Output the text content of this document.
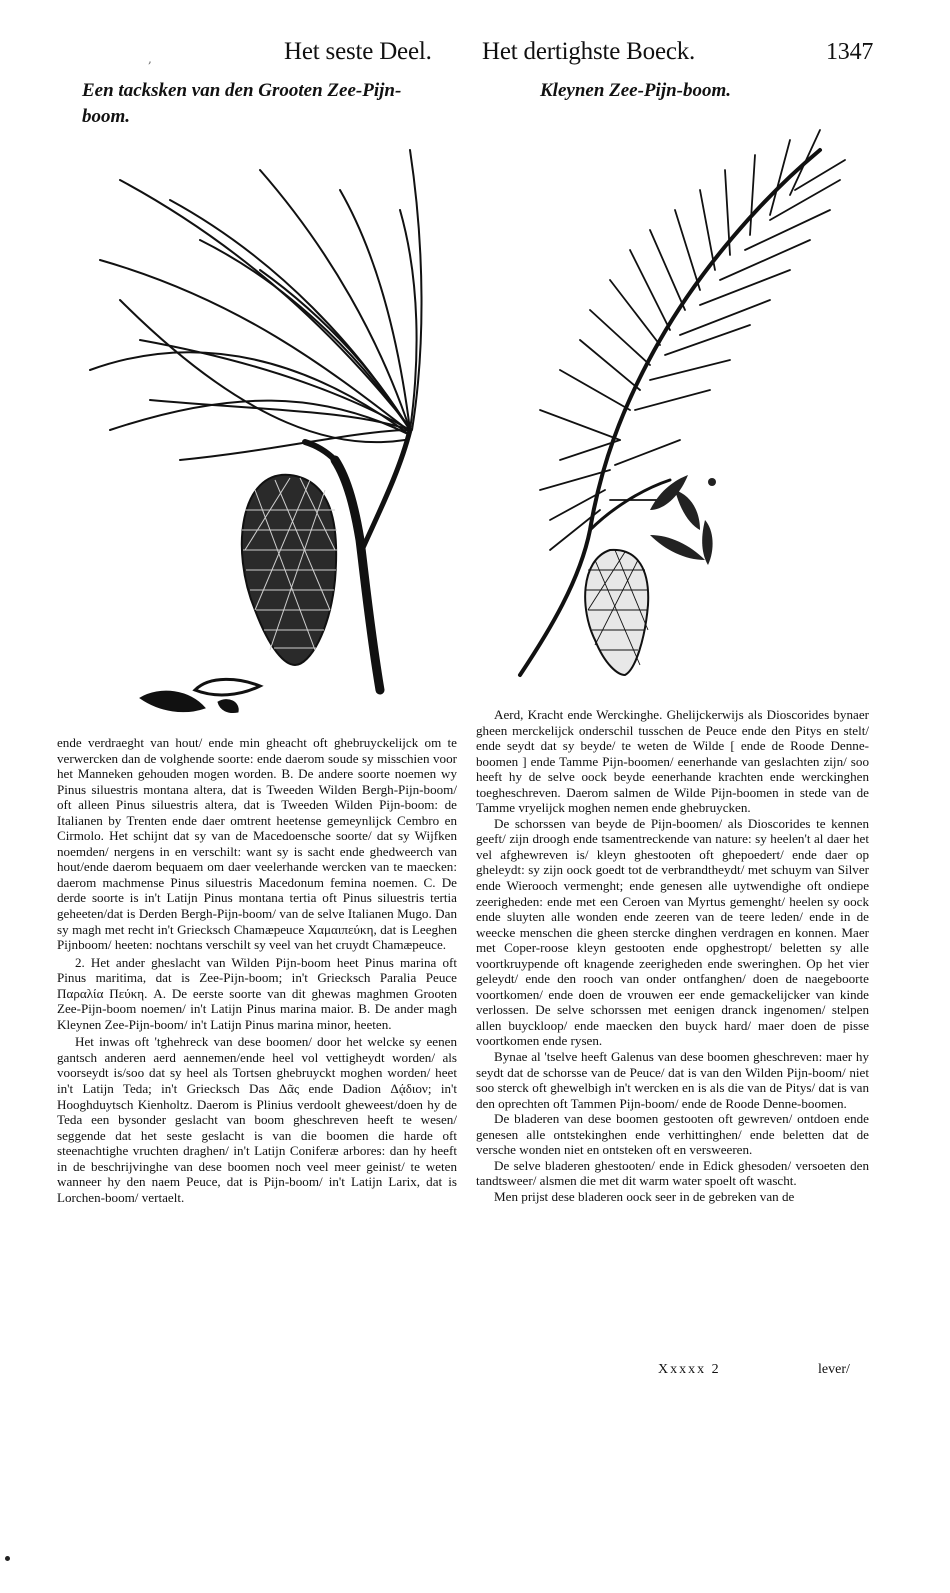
,	Het seste Deel. Het dertighste Boeck.	1347
Een tacksken van den Grooten Zee-Pijn-boom.
Kleynen Zee-Pijn-boom.

ende verdraeght van hout/ ende min gheacht oft ghebruyckelijck om te verwercken dan de volghende soorte: ende daerom soude sy misschien voor het Manneken gehouden mogen worden. B. De andere soorte noemen wy Pinus siluestris montana altera, dat is Tweeden Wilden Bergh-Pijn-boom/ oft alleen Pinus siluestris altera, dat is Tweeden Wilden Pijn-boom: de Italianen by Trenten ende daer omtrent heetense gemeynlijck Cembro en Cirmolo. Het schijnt dat sy van de Macedoensche soorte/ dat sy Wijfken noemden/ nergens in en verschilt: want sy is sacht ende ghedweerch van hout/ende daerom bequaem om daer veelerhande wercken van te maecken: daerom machmense Pinus siluestris Macedonum femina noemen. C. De derde soorte is in't Latijn Pinus montana tertia oft Pinus siluestris tertia geheeten/dat is Derden Bergh-Pijn-boom/ van de selve Italianen Mugo. Dan sy magh met recht in't Griecksch Chamæpeuce Χαμαιπεύκη, dat is Leeghen Pijnboom/ heeten: nochtans verschilt sy veel van het cruydt Chamæpeuce.

2. Het ander gheslacht van Wilden Pijn-boom heet Pinus marina oft Pinus maritima, dat is Zee-Pijn-boom; in't Griecksch Paralia Peuce Παραλία Πεύκη. A. De eerste soorte van dit ghewas maghmen Grooten Zee-Pijn-boom noemen/ in't Latijn Pinus marina maior. B. De ander magh Kleynen Zee-Pijn-boom/ in't Latijn Pinus marina minor, heeten.

Het inwas oft 'tghehreck van dese boomen/ door het welcke sy eenen gantsch anderen aerd aennemen/ende heel vol vettigheydt worden/ als voorseydt is/soo dat sy heel als Tortsen ghebruyckt moghen worden/ heet in't Latijn Teda; in't Griecksch Das Δᾶς ende Dadion Δᾴδιον; in't Hooghduytsch Kienholtz. Daerom is Plinius verdoolt gheweest/doen hy de Teda een bysonder geslacht van boom gheschreven heeft te wesen/ seggende dat het seste geslacht is van die boomen die harde oft steenachtighe vruchten draghen/ in't Latijn Coniferæ arbores: dan hy heeft in de beschrijvinghe van dese boomen noch veel meer geinist/ te weten wanneer hy den naem Peuce, dat is Pijn-boom/ in't Latijn Larix, dat is Lorchen-boom/ vertaelt.

Aerd, Kracht ende Werckinghe. Ghelijckerwijs als Dioscorides bynaer gheen merckelijck onderschil tusschen de Peuce ende den Pitys en stelt/ ende seydt dat sy beyde/ te weten de Wilde [ ende de Roode Denne-boomen ] ende Tamme Pijn-boomen/ eenerhande van geslachten zijn/ soo heeft hy de selve oock beyde eenerhande krachten ende werckinghen toegheschreven. Daerom salmen de Wilde Pijn-boomen in stede van de Tamme vryelijck moghen nemen ende ghebruycken.

De schorssen van beyde de Pijn-boomen/ als Dioscorides te kennen geeft/ zijn droogh ende tsamentreckende van nature: sy heelen't al daer het vel afghewreven is/ kleyn ghestooten oft ghepoedert/ ende daer op gheleydt: sy zijn oock goedt tot de verbrandtheydt/ met schuym van Silver ende Wierooch vermenght; ende genesen alle uytwendighe oft ondiepe zeerigheden: ende met een Ceroen van Myrtus gemenght/ heelen sy oock ende sluyten alle wonden ende zeeren van de teere leden/ ende in de weecke menschen die gheen stercke dinghen verdragen en konnen. Maer met Coper-roose kleyn gestooten ende opghestropt/ beletten sy alle voortkruypende oft knagende zeerigheden ende sweringhen. Op het vier geleydt/ ende den rooch van onder ontfanghen/ doen de naegeboorte voortkomen/ ende doen de vrouwen eer ende gemackelijcker van kinde verlossen. De selve schorssen met eenigen dranck ingenomen/ stelpen allen buyckloop/ ende maecken den buyck hard/ maer doen de pisse voortkomen ende rysen.

Bynae al 'tselve heeft Galenus van dese boomen gheschreven: maer hy seydt dat de schorsse van de Peuce/ dat is van den Wilden Pijn-boom/ niet soo sterck oft ghewelbigh in't wercken en is als die van de Pitys/ dat is van den oprechten oft Tammen Pijn-boom/ ende de Roode Denne-boomen.

De bladeren van dese boomen gestooten oft gewreven/ ontdoen ende genesen alle ontstekinghen ende verhittinghen/ ende beletten dat de versche wonden niet en ontsteken oft en versweeren.

De selve bladeren ghestooten/ ende in Edick ghesoden/ versoeten den tandtsweer/ alsmen die met dit warm water spoelt oft wascht.

Men prijst dese bladeren oock seer in de gebreken van de

Xxxxx 2	lever/
